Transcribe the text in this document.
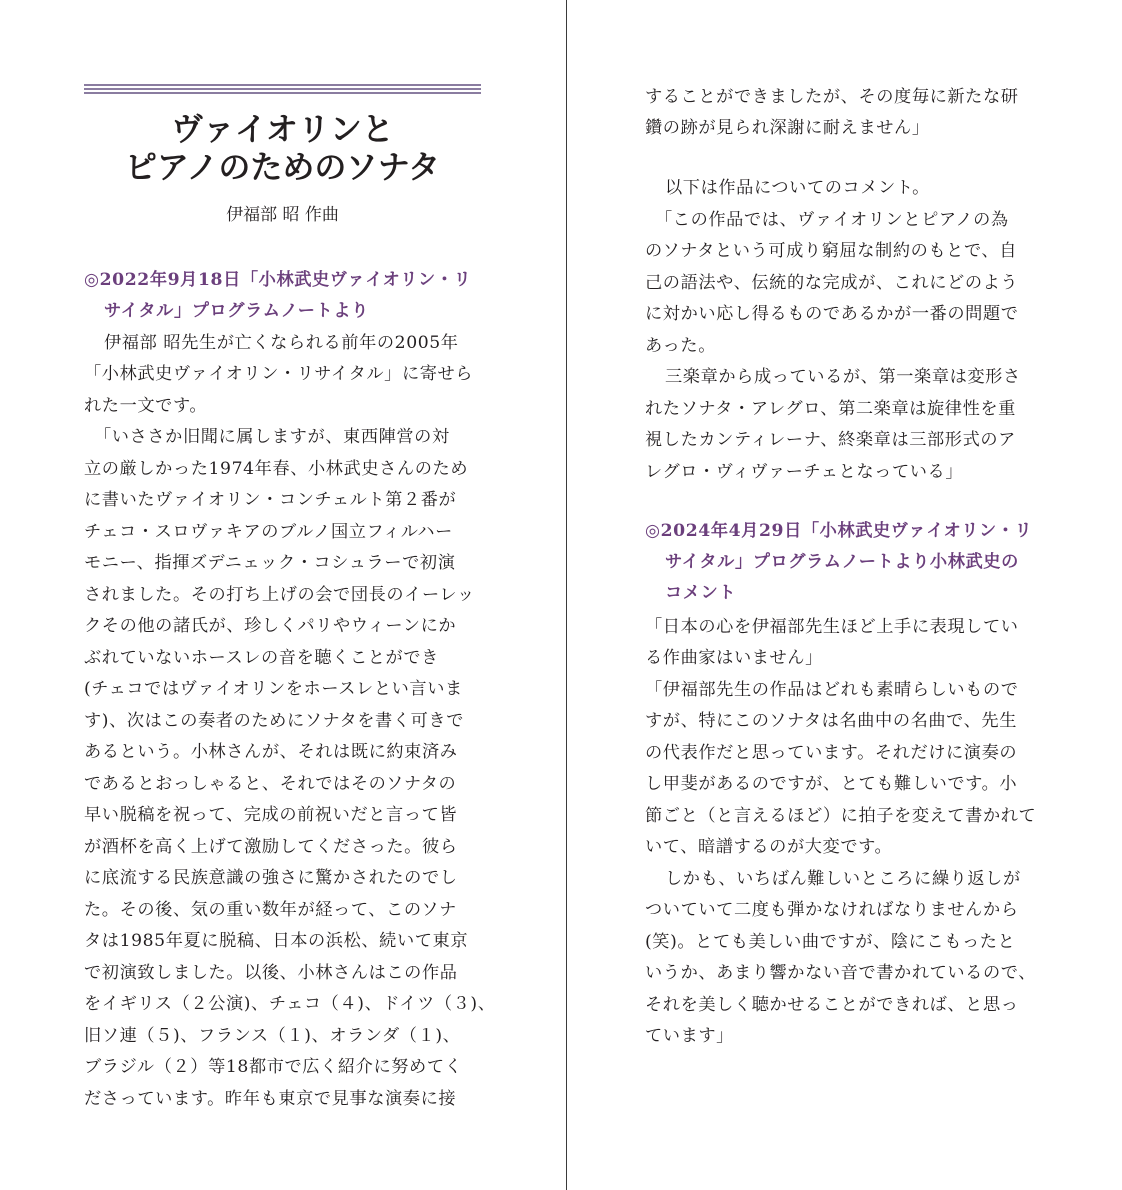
ヴァイオリンと
ピアノのためのソナタ
伊福部 昭 作曲
◎2022年9月18日「小林武史ヴァイオリン・リ
サイタル」プログラムノートより
伊福部 昭先生が亡くなられる前年の2005年
「小林武史ヴァイオリン・リサイタル」に寄せら
れた一文です。
「いささか旧聞に属しますが、東西陣営の対
立の厳しかった1974年春、小林武史さんのため
に書いたヴァイオリン・コンチェルト第２番が
チェコ・スロヴァキアのブルノ国立フィルハー
モニー、指揮ズデニェック・コシュラーで初演
されました。その打ち上げの会で団長のイーレッ
クその他の諸氏が、珍しくパリやウィーンにか
ぶれていないホースレの音を聴くことができ
(チェコではヴァイオリンをホースレとい言いま
す)、次はこの奏者のためにソナタを書く可きで
あるという。小林さんが、それは既に約束済み
であるとおっしゃると、それではそのソナタの
早い脱稿を祝って、完成の前祝いだと言って皆
が酒杯を高く上げて激励してくださった。彼ら
に底流する民族意識の強さに驚かされたのでし
た。その後、気の重い数年が経って、このソナ
タは1985年夏に脱稿、日本の浜松、続いて東京
で初演致しました。以後、小林さんはこの作品
をイギリス（２公演)、チェコ（４)、ドイツ（３)、
旧ソ連（５)、フランス（１)、オランダ（１)、
ブラジル（２）等18都市で広く紹介に努めてく
ださっています。昨年も東京で見事な演奏に接
することができましたが、その度毎に新たな研
鑽の跡が見られ深謝に耐えません」
以下は作品についてのコメント。
「この作品では、ヴァイオリンとピアノの為
のソナタという可成り窮屈な制約のもとで、自
己の語法や、伝統的な完成が、これにどのよう
に対かい応し得るものであるかが一番の問題で
あった。
三楽章から成っているが、第一楽章は変形さ
れたソナタ・アレグロ、第二楽章は旋律性を重
視したカンティレーナ、終楽章は三部形式のア
レグロ・ヴィヴァーチェとなっている」
◎2024年4月29日「小林武史ヴァイオリン・リ
サイタル」プログラムノートより小林武史の
コメント
「日本の心を伊福部先生ほど上手に表現してい
る作曲家はいません」
「伊福部先生の作品はどれも素晴らしいもので
すが、特にこのソナタは名曲中の名曲で、先生
の代表作だと思っています。それだけに演奏の
し甲斐があるのですが、とても難しいです。小
節ごと（と言えるほど）に拍子を変えて書かれて
いて、暗譜するのが大変です。
しかも、いちばん難しいところに繰り返しが
ついていて二度も弾かなければなりませんから
(笑)。とても美しい曲ですが、陰にこもったと
いうか、あまり響かない音で書かれているので、
それを美しく聴かせることができれば、と思っ
ています」
